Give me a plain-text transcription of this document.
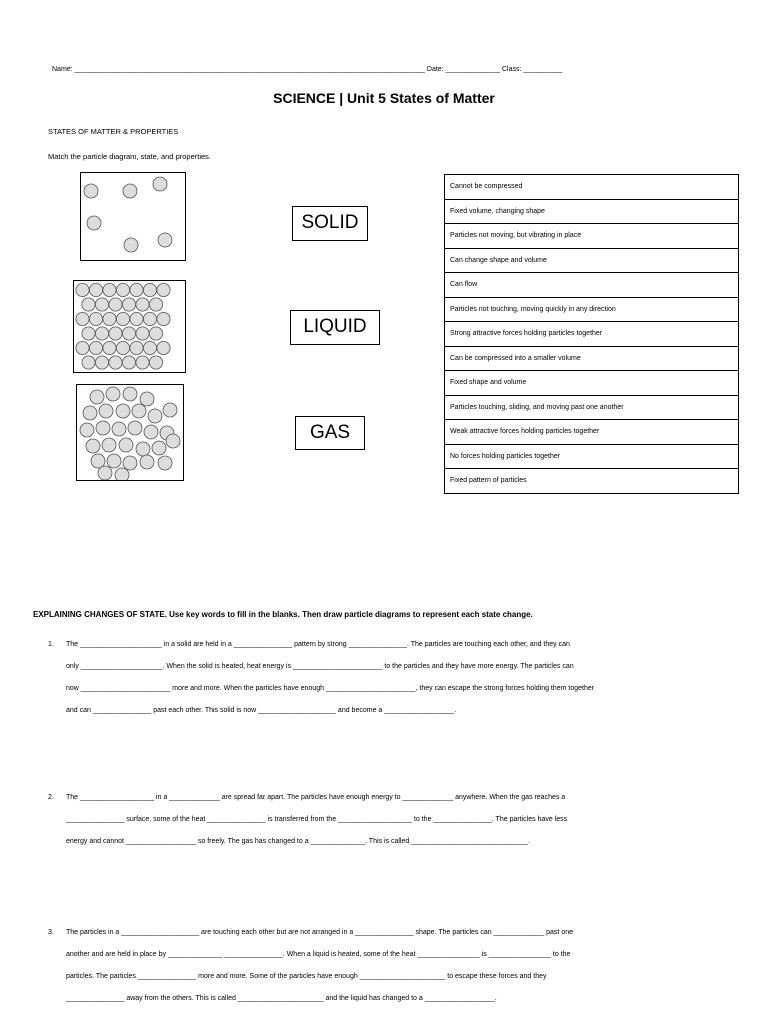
Name: __________________________________________________________________________________________ Date: ______________ Class: __________
SCIENCE | Unit 5 States of Matter
STATES OF MATTER & PROPERTIES
Match the particle diagram, state, and properties.
SOLID
LIQUID
GAS
Cannot be compressed
Fixed volume, changing shape
Particles not moving, but vibrating in place
Can change shape and volume
Can flow
Particles not touching, moving quickly in any direction
Strong attractive forces holding particles together
Can be compressed into a smaller volume
Fixed shape and volume
Particles touching, sliding, and moving past one another
Weak attractive forces holding particles together
No forces holding particles together
Fixed pattern of particles
EXPLAINING CHANGES OF STATE. Use key words to fill in the blanks. Then draw particle diagrams to represent each state change.
1. The _____________________ in a solid are held in a _______________ pattern by strong _______________. The particles are touching each other, and they can
only _____________________. When the solid is heated, heat energy is _______________________ to the particles and they have more energy. The particles can
now _______________________ more and more. When the particles have enough _______________________, they can escape the strong forces holding them together
and can _______________ past each other. This solid is now ____________________ and become a __________________.
2. The ___________________ in a _____________ are spread far apart. The particles have enough energy to _____________ anywhere. When the gas reaches a
_______________ surface, some of the heat _______________ is transferred from the ___________________ to the _______________. The particles have less
energy and cannot __________________ so freely. The gas has changed to a ______________. This is called ______________________________.
3. The particles in a ____________________ are touching each other but are not arranged in a _______________ shape. The particles can _____________ past one
another and are held in place by ______________ _______________. When a liquid is heated, some of the heat ________________ is ________________ to the
particles. The particles _______________ more and more. Some of the particles have enough ______________________ to escape these forces and they
_______________ away from the others. This is called ______________________ and the liquid has changed to a __________________.
